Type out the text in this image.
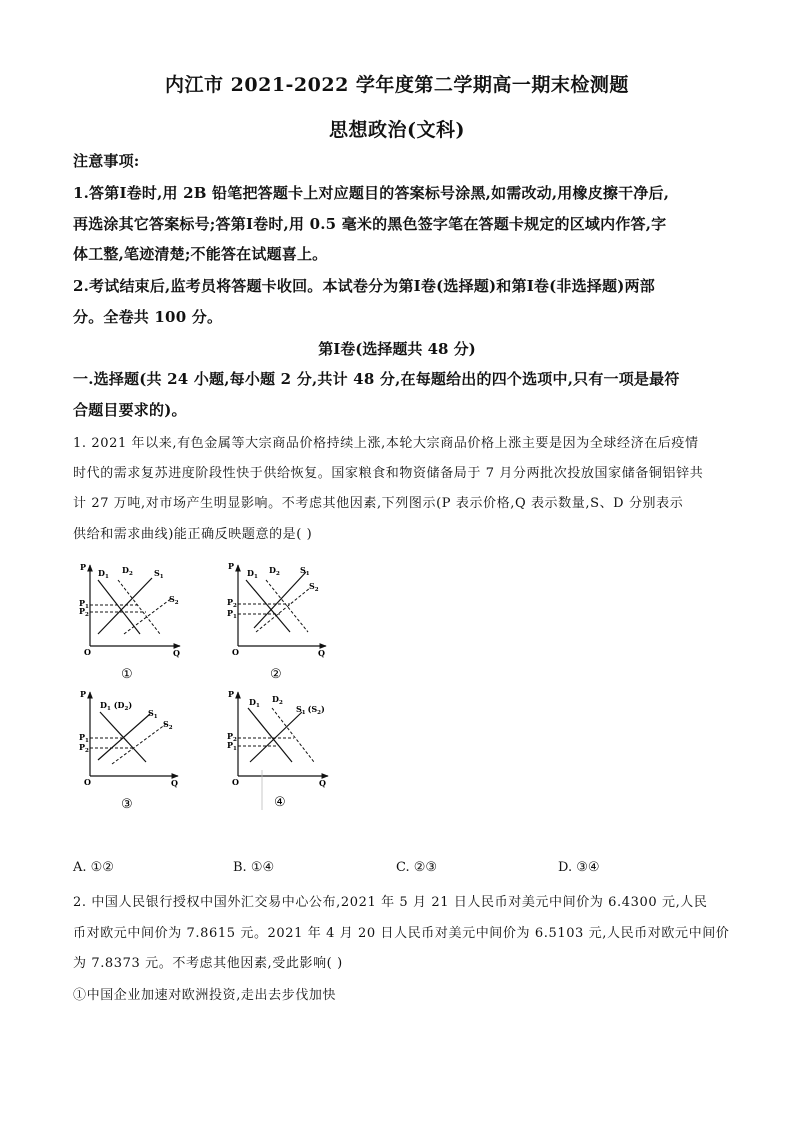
内江市 2021-2022 学年度第二学期高一期末检测题
思想政治(文科)
注意事项:
1.答第Ⅰ卷时,用 2B 铅笔把答题卡上对应题目的答案标号涂黑,如需改动,用橡皮擦干净后,
再选涂其它答案标号;答第Ⅰ卷时,用 0.5 毫米的黑色签字笔在答题卡规定的区域内作答,字
体工整,笔迹清楚;不能答在试题喜上。
2.考试结束后,监考员将答题卡收回。本试卷分为第Ⅰ卷(选择题)和第Ⅰ卷(非选择题)两部
分。全卷共 100 分。
第Ⅰ卷(选择题共 48 分)
一.选择题(共 24 小题,每小题 2 分,共计 48 分,在每题给出的四个选项中,只有一项是最符
合题目要求的)。
1. 2021 年以来,有色金属等大宗商品价格持续上涨,本轮大宗商品价格上涨主要是因为全球经济在后疫情
时代的需求复苏进度阶段性快于供给恢复。国家粮食和物资储备局于 7 月分两批次投放国家储备铜铝锌共
计 27 万吨,对市场产生明显影响。不考虑其他因素,下列图示(P 表示价格,Q 表示数量,S、D 分别表示
供给和需求曲线)能正确反映题意的是( )
P
$D_1$
$D_2$	$S_1$
$S_2$
$P_1$
$P_2$
O	Q
①
P
$D_1$
$D_2$	$S_1$
$S_2$
$P_2$
$P_1$
O	Q
②
P
$D_1$ $(D_2)$
$S_1$
$S_2$
$P_1$
$P_2$
O	Q
③
P
$D_1$
$D_2$
$S_1$ $(S_2)$
$P_2$
$P_1$
O	Q
④
A. ①②	B. ①④	C. ②③	D. ③④
2. 中国人民银行授权中国外汇交易中心公布,2021 年 5 月 21 日人民币对美元中间价为 6.4300 元,人民
币对欧元中间价为 7.8615 元。2021 年 4 月 20 日人民币对美元中间价为 6.5103 元,人民币对欧元中间价
为 7.8373 元。不考虑其他因素,受此影响( )
①中国企业加速对欧洲投资,走出去步伐加快
